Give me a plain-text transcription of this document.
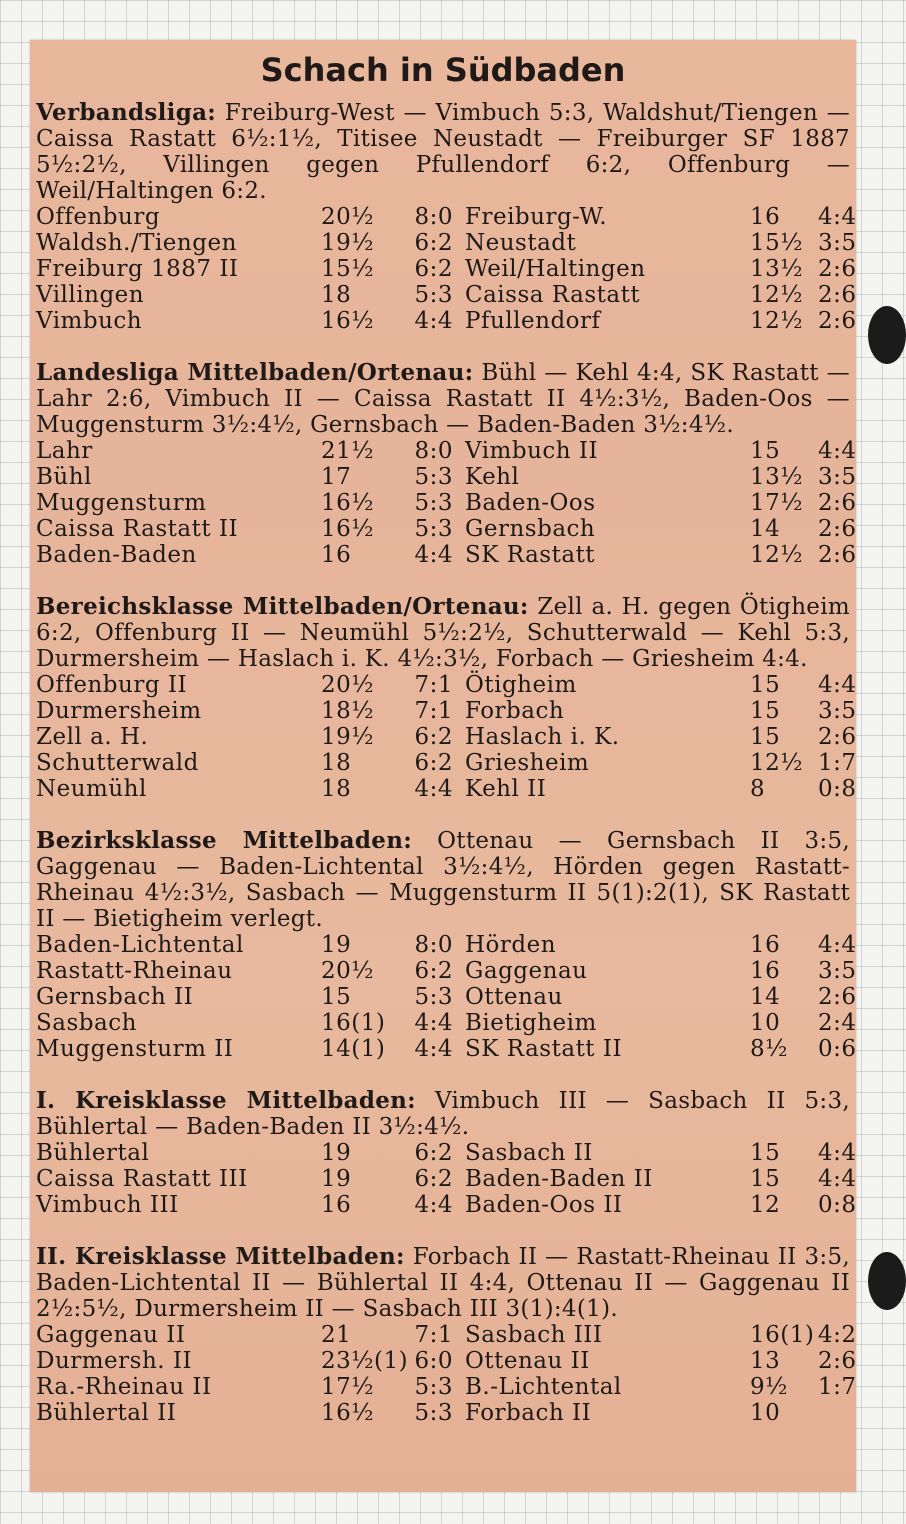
Schach in Südbaden

Verbandsliga: Freiburg-West — Vimbuch 5:3, Waldshut/Tiengen — Caissa Rastatt 6½:1½, Titisee Neustadt — Freiburger SF 1887 5½:2½, Villingen gegen Pfullendorf 6:2, Offenburg — Weil/Haltingen 6:2.

Offenburg	20½	8:0 Freiburg-W.	16	4:4
Waldsh./Tiengen	19½	6:2 Neustadt	15½ 3:5
Freiburg 1887 II	15½	6:2 Weil/Haltingen	13½ 2:6
Villingen	18	5:3 Caissa Rastatt	12½ 2:6
Vimbuch	16½	4:4 Pfullendorf	12½ 2:6

Landesliga Mittelbaden/Ortenau: Bühl — Kehl 4:4, SK Rastatt — Lahr 2:6, Vimbuch II — Caissa Rastatt II 4½:3½, Baden-Oos — Muggensturm 3½:4½, Gernsbach — Baden-Baden 3½:4½.

Lahr	21½	8:0 Vimbuch II	15	4:4
Bühl	17	5:3 Kehl	13½ 3:5
Muggensturm	16½	5:3 Baden-Oos	17½ 2:6
Caissa Rastatt II	16½	5:3 Gernsbach	14	2:6
Baden-Baden	16	4:4 SK Rastatt	12½ 2:6

Bereichsklasse Mittelbaden/Ortenau: Zell a. H. gegen Ötigheim 6:2, Offenburg II — Neumühl 5½:2½, Schutterwald — Kehl 5:3, Durmersheim — Haslach i. K. 4½:3½, Forbach — Griesheim 4:4.

Offenburg II	20½	7:1 Ötigheim	15	4:4
Durmersheim	18½	7:1 Forbach	15	3:5
Zell a. H.	19½	6:2 Haslach i. K.	15	2:6
Schutterwald	18	6:2 Griesheim	12½ 1:7
Neumühl	18	4:4 Kehl II	8	0:8

Bezirksklasse Mittelbaden: Ottenau — Gernsbach II 3:5, Gaggenau — Baden-Lichtental 3½:4½, Hörden gegen Rastatt-Rheinau 4½:3½, Sasbach — Muggensturm II 5(1):2(1), SK Rastatt II — Bietigheim verlegt.

Baden-Lichtental	19	8:0 Hörden	16	4:4
Rastatt-Rheinau	20½	6:2 Gaggenau	16	3:5
Gernsbach II	15	5:3 Ottenau	14	2:6
Sasbach	16(1)	4:4 Bietigheim	10	2:4
Muggensturm II	14(1)	4:4 SK Rastatt II	8½	0:6

I. Kreisklasse Mittelbaden: Vimbuch III — Sasbach II 5:3, Bühlertal — Baden-Baden II 3½:4½.

Bühlertal	19	6:2 Sasbach II	15	4:4
Caissa Rastatt III	19	6:2 Baden-Baden II	15	4:4
Vimbuch III	16	4:4 Baden-Oos II	12	0:8

II. Kreisklasse Mittelbaden: Forbach II — Rastatt-Rheinau II 3:5, Baden-Lichtental II — Bühlertal II 4:4, Ottenau II — Gaggenau II 2½:5½, Durmersheim II — Sasbach III 3(1):4(1).

Gaggenau II	21	7:1 Sasbach III	16(1) 4:2
Durmersh. II	23½(1) 6:0 Ottenau II	13	2:6
Ra.-Rheinau II	17½	5:3 B.-Lichtental	9½	1:7
Bühlertal II	16½	5:3 Forbach II	10
